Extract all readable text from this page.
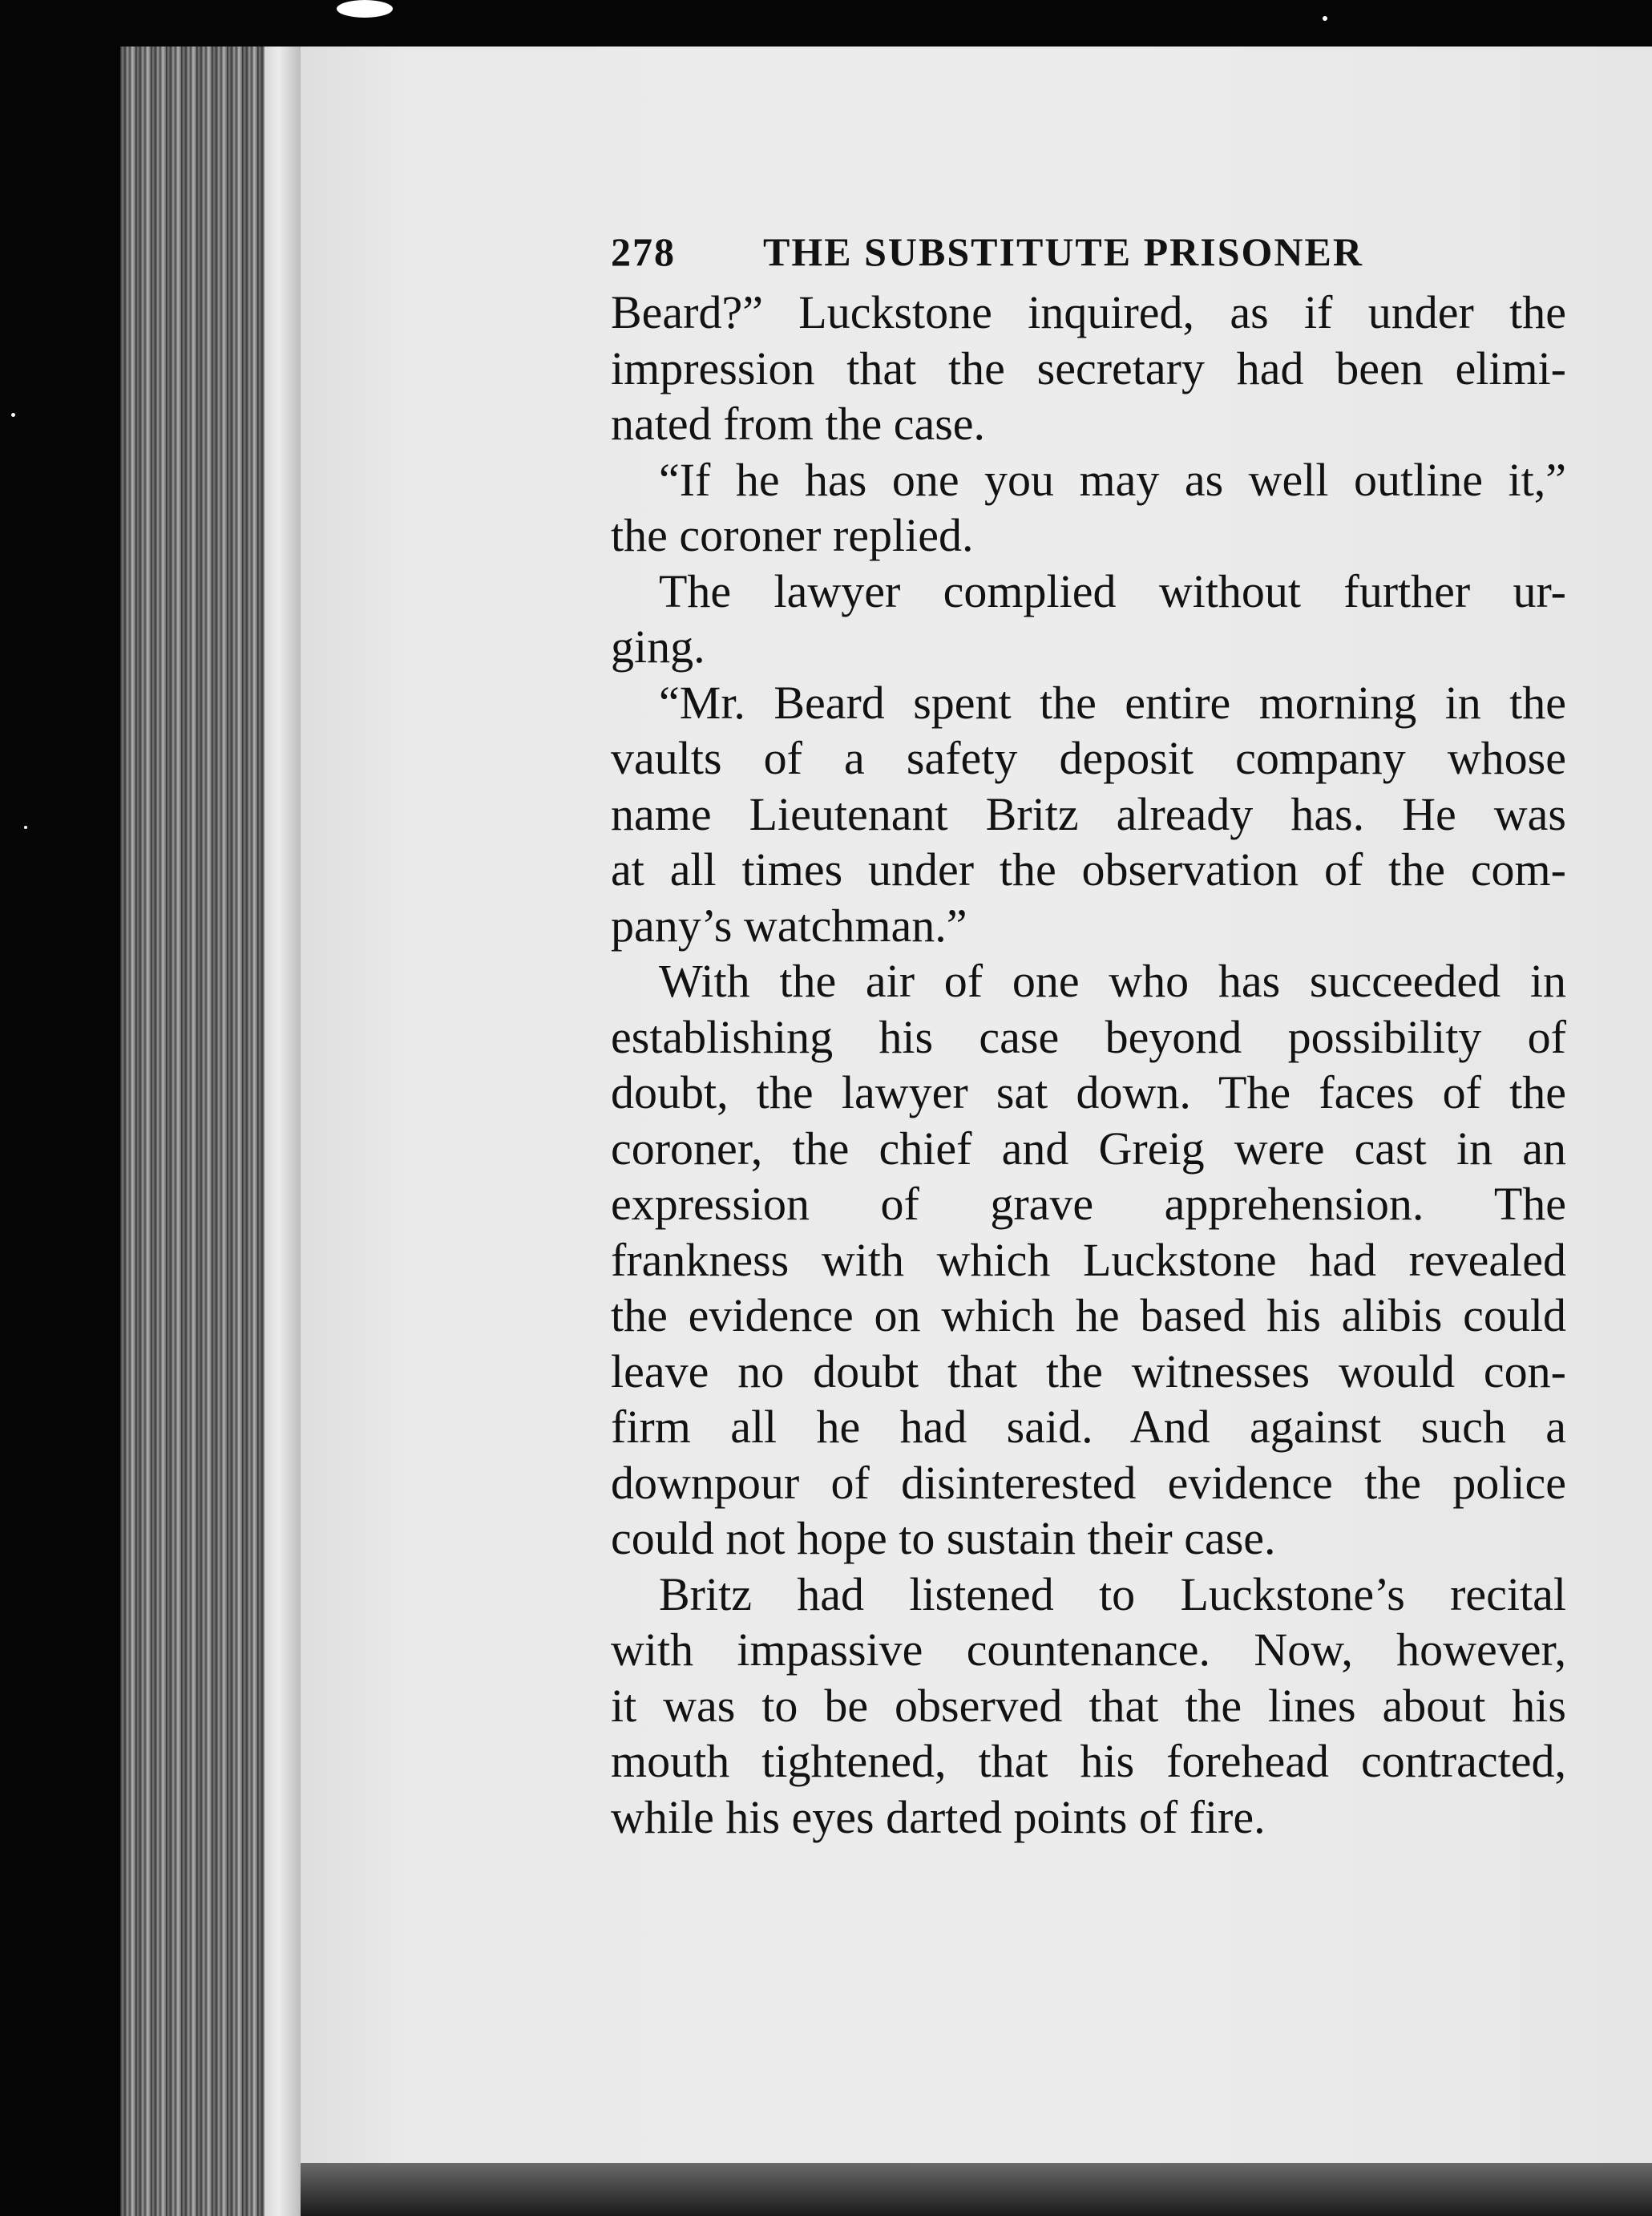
278	THE SUBSTITUTE PRISONER
Beard?” Luckstone inquired, as if under the
impression that the secretary had been elimi-
nated from the case.
“If he has one you may as well outline it,”
the coroner replied.
The lawyer complied without further ur-
ging.
“Mr. Beard spent the entire morning in the
vaults of a safety deposit company whose
name Lieutenant Britz already has. He was
at all times under the observation of the com-
pany’s watchman.”
With the air of one who has succeeded in
establishing his case beyond possibility of
doubt, the lawyer sat down. The faces of the
coroner, the chief and Greig were cast in an
expression of grave apprehension. The
frankness with which Luckstone had revealed
the evidence on which he based his alibis could
leave no doubt that the witnesses would con-
firm all he had said. And against such a
downpour of disinterested evidence the police
could not hope to sustain their case.
Britz had listened to Luckstone’s recital
with impassive countenance. Now, however,
it was to be observed that the lines about his
mouth tightened, that his forehead contracted,
while his eyes darted points of fire.
